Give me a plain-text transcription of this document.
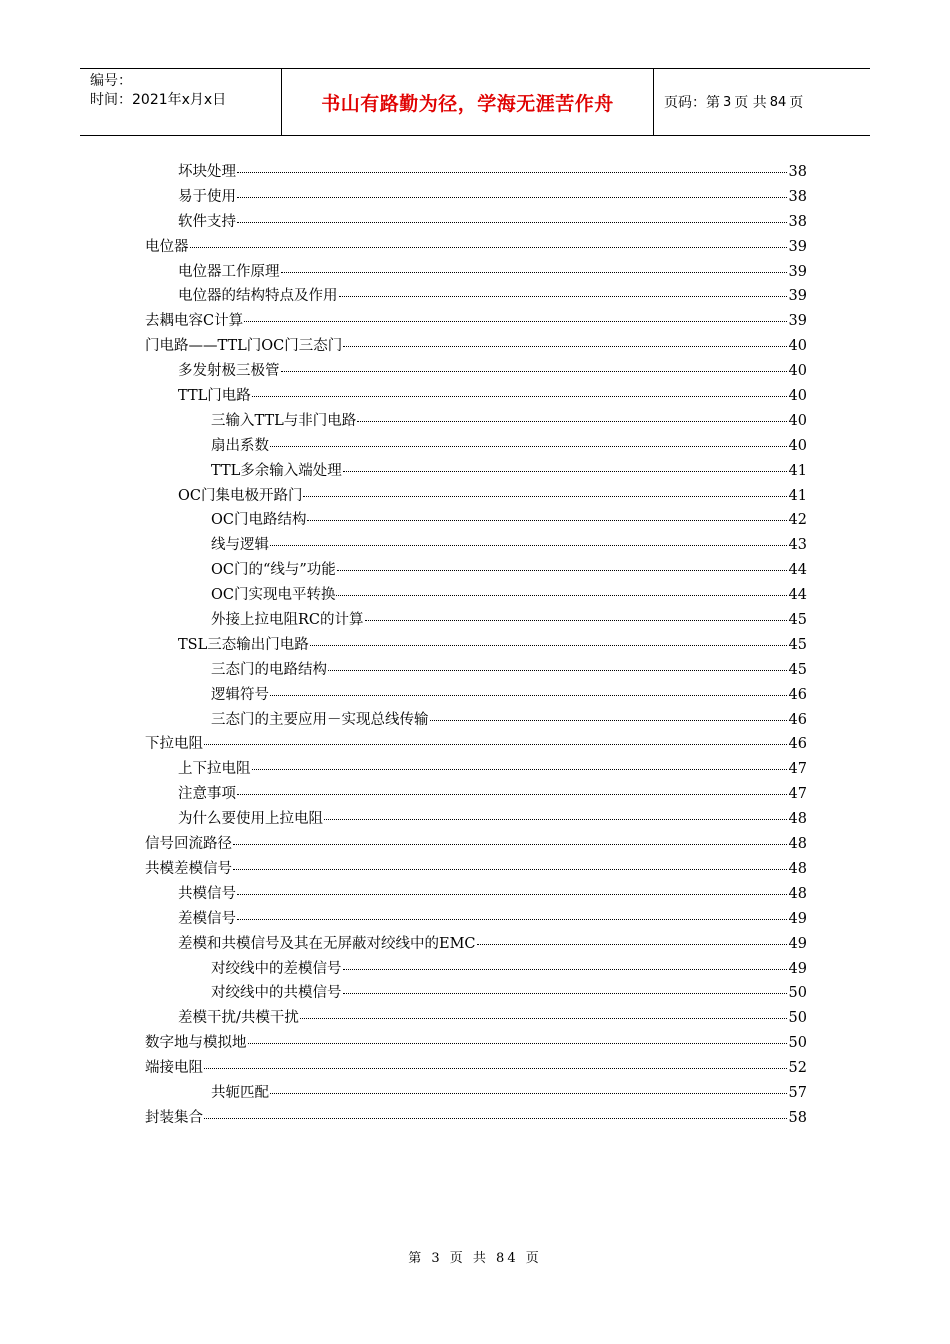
编号：
时间：2021年x月x日	书山有路勤为径，学海无涯苦作舟	页码：第 3 页 共 84 页
坏块处理	38
易于使用	38
软件支持	38
电位器	39
电位器工作原理	39
电位器的结构特点及作用	39
去耦电容C计算	39
门电路——TTL门OC门三态门	40
多发射极三极管	40
TTL门电路	40
三输入TTL与非门电路	40
扇出系数	40
TTL多余输入端处理	41
OC门集电极开路门	41
OC门电路结构	42
线与逻辑	43
OC门的“线与”功能	44
OC门实现电平转换	44
外接上拉电阻RC的计算	45
TSL三态输出门电路	45
三态门的电路结构	45
逻辑符号	46
三态门的主要应用－实现总线传输	46
下拉电阻	46
上下拉电阻	47
注意事项	47
为什么要使用上拉电阻	48
信号回流路径	48
共模差模信号	48
共模信号	48
差模信号	49
差模和共模信号及其在无屏蔽对绞线中的EMC	49
对绞线中的差模信号	49
对绞线中的共模信号	50
差模干扰/共模干扰	50
数字地与模拟地	50
端接电阻	52
共轭匹配	57
封装集合	58
第 3 页 共 84 页
